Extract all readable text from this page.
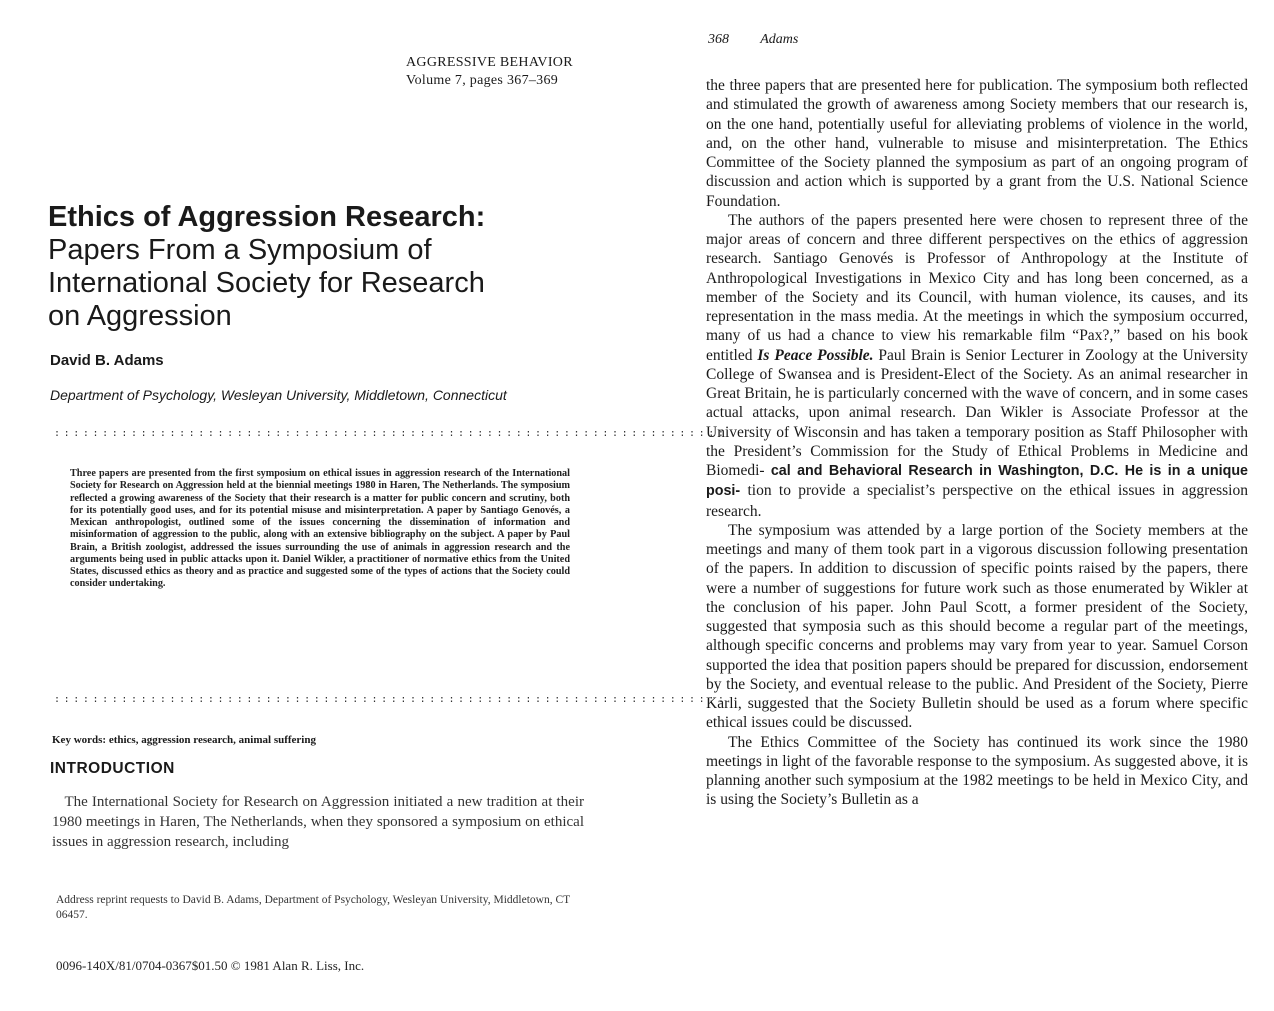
AGGRESSIVE BEHAVIOR
Volume 7, pages 367–369
Ethics of Aggression Research:
Papers From a Symposium of
International Society for Research
on Aggression
David B. Adams
Department of Psychology, Wesleyan University, Middletown, Connecticut
::::::::::::::::::::::::::::::::::::::::::::::::::::::::::::::::::::::
Three papers are presented from the first symposium on ethical issues in aggression research of the International Society for Research on Aggression held at the biennial meetings 1980 in Haren, The Netherlands. The symposium reflected a growing awareness of the Society that their research is a matter for public concern and scrutiny, both for its potentially good uses, and for its potential misuse and misinterpretation. A paper by Santiago Genovés, a Mexican anthropologist, outlined some of the issues concerning the dissemination of information and misinformation of aggression to the public, along with an extensive bibliography on the subject. A paper by Paul Brain, a British zoologist, addressed the issues surrounding the use of animals in aggression research and the arguments being used in public attacks upon it. Daniel Wikler, a practitioner of normative ethics from the United States, discussed ethics as theory and as practice and suggested some of the types of actions that the Society could consider undertaking.
::::::::::::::::::::::::::::::::::::::::::::::::::::::::::::::::::::::
Key words: ethics, aggression research, animal suffering
INTRODUCTION
The International Society for Research on Aggression initiated a new tradition at their 1980 meetings in Haren, The Netherlands, when they sponsored a symposium on ethical issues in aggression research, including
Address reprint requests to David B. Adams, Department of Psychology, Wesleyan University, Middletown, CT 06457.
0096-140X/81/0704-0367$01.50 © 1981 Alan R. Liss, Inc.
368 Adams

the three papers that are presented here for publication. The symposium both reflected and stimulated the growth of awareness among Society members that our research is, on the one hand, potentially useful for alleviating problems of violence in the world, and, on the other hand, vulnerable to misuse and misinterpretation. The Ethics Committee of the Society planned the symposium as part of an ongoing program of discussion and action which is supported by a grant from the U.S. National Science Foundation.

The authors of the papers presented here were chosen to represent three of the major areas of concern and three different perspectives on the ethics of aggression research. Santiago Genovés is Professor of Anthropology at the Institute of Anthropological Investigations in Mexico City and has long been concerned, as a member of the Society and its Council, with human violence, its causes, and its representation in the mass media. At the meetings in which the symposium occurred, many of us had a chance to view his remarkable film “Pax?,” based on his book entitled Is Peace Possible. Paul Brain is Senior Lecturer in Zoology at the University College of Swansea and is President-Elect of the Society. As an animal researcher in Great Britain, he is particularly concerned with the wave of concern, and in some cases actual attacks, upon animal research. Dan Wikler is Associate Professor at the University of Wisconsin and has taken a temporary position as Staff Philosopher with the President’s Commission for the Study of Ethical Problems in Medicine and Biomedi- cal and Behavioral Research in Washington, D.C. He is in a unique posi- tion to provide a specialist’s perspective on the ethical issues in aggression research.

The symposium was attended by a large portion of the Society members at the meetings and many of them took part in a vigorous discussion following presentation of the papers. In addition to discussion of specific points raised by the papers, there were a number of suggestions for future work such as those enumerated by Wikler at the conclusion of his paper. John Paul Scott, a former president of the Society, suggested that symposia such as this should become a regular part of the meetings, although specific concerns and problems may vary from year to year. Samuel Corson supported the idea that position papers should be prepared for discussion, endorsement by the Society, and eventual release to the public. And President of the Society, Pierre Karli, suggested that the Society Bulletin should be used as a forum where specific ethical issues could be discussed.

The Ethics Committee of the Society has continued its work since the 1980 meetings in light of the favorable response to the symposium. As suggested above, it is planning another such symposium at the 1982 meetings to be held in Mexico City, and is using the Society’s Bulletin as a
